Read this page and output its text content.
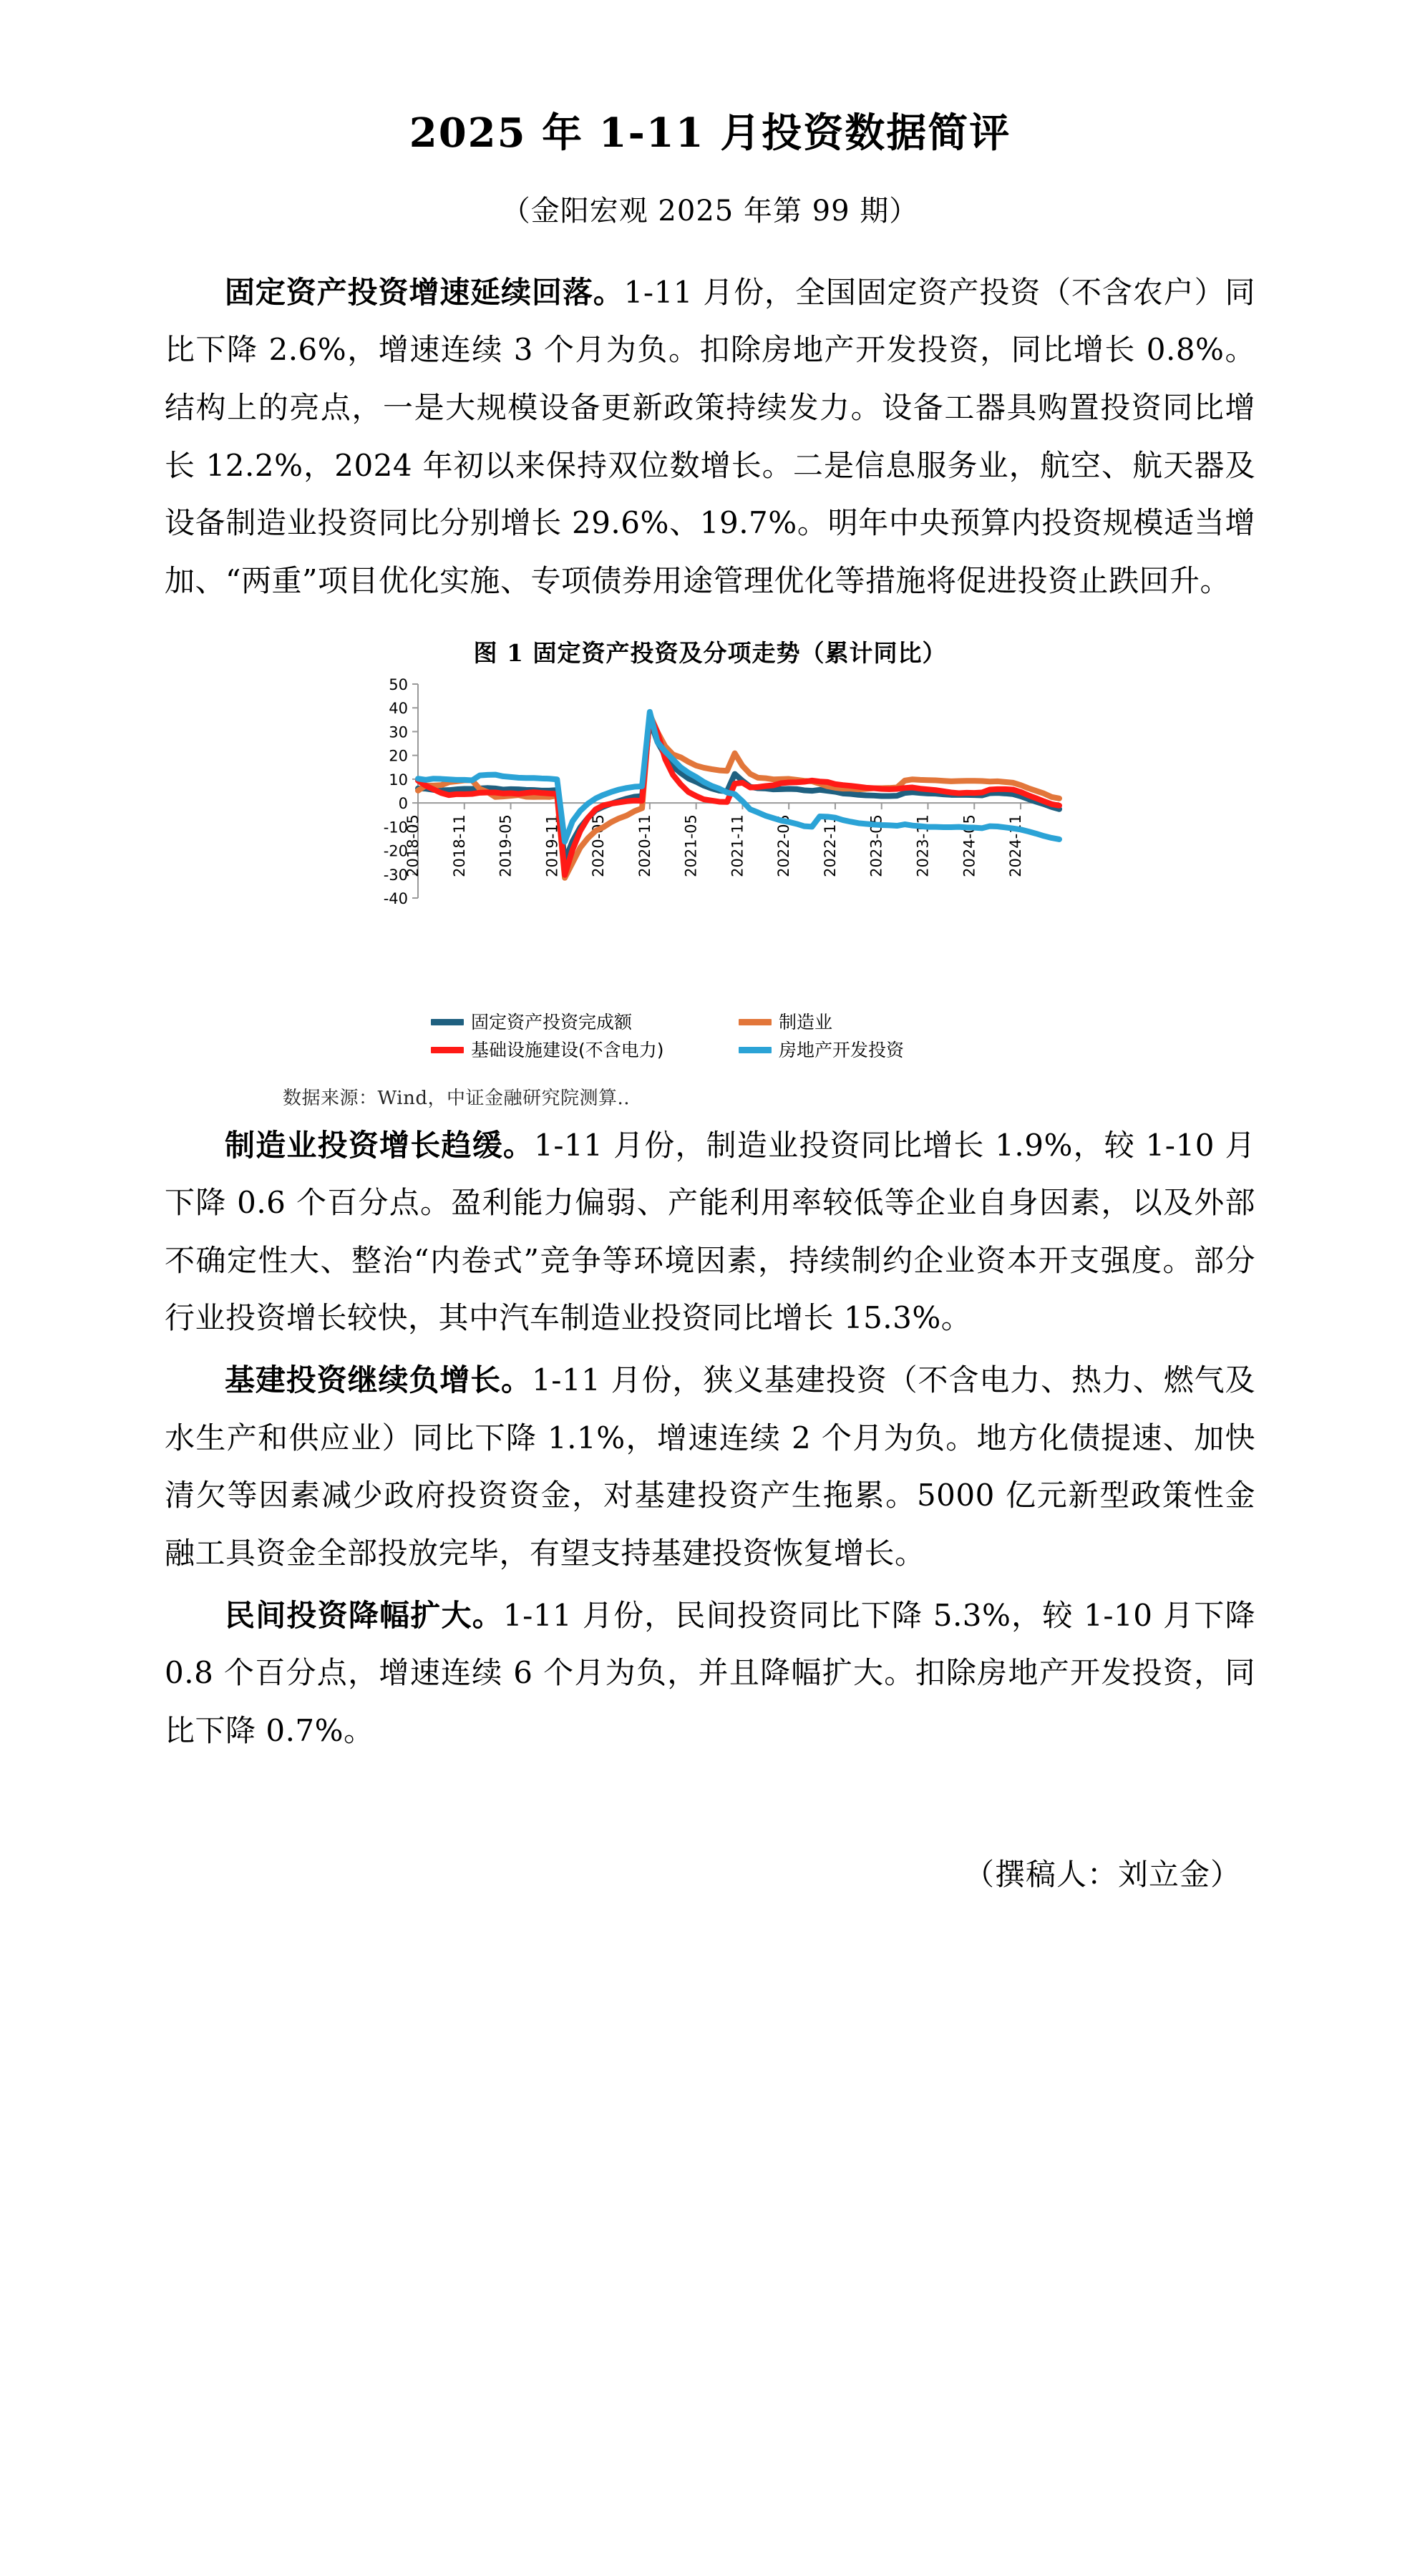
2025 年 1-11 月投资数据简评
（金阳宏观 2025 年第 99 期）

固定资产投资增速延续回落。1-11 月份，全国固定资产投资（不含农户）同比下降 2.6%，增速连续 3 个月为负。扣除房地产开发投资，同比增长 0.8%。结构上的亮点，一是大规模设备更新政策持续发力。设备工器具购置投资同比增长 12.2%，2024 年初以来保持双位数增长。二是信息服务业，航空、航天器及设备制造业投资同比分别增长 29.6%、19.7%。明年中央预算内投资规模适当增加、“两重”项目优化实施、专项债券用途管理优化等措施将促进投资止跌回升。

图 1 固定资产投资及分项走势（累计同比）
50
40
30
20
10
0
-10
-20
-30
-40
2018-05 2018-11 2019-05 2019-11 2020-05 2020-11 2021-05 2021-11 2022-05 2022-11 2023-05 2023-11 2024-05 2024-11
固定资产投资完成额	制造业
基础设施建设(不含电力)	房地产开发投资
数据来源：Wind，中证金融研究院测算..

制造业投资增长趋缓。1-11 月份，制造业投资同比增长 1.9%，较 1-10 月下降 0.6 个百分点。盈利能力偏弱、产能利用率较低等企业自身因素，以及外部不确定性大、整治“内卷式”竞争等环境因素，持续制约企业资本开支强度。部分行业投资增长较快，其中汽车制造业投资同比增长 15.3%。

基建投资继续负增长。1-11 月份，狭义基建投资（不含电力、热力、燃气及水生产和供应业）同比下降 1.1%，增速连续 2 个月为负。地方化债提速、加快清欠等因素减少政府投资资金，对基建投资产生拖累。5000 亿元新型政策性金融工具资金全部投放完毕，有望支持基建投资恢复增长。

民间投资降幅扩大。1-11 月份，民间投资同比下降 5.3%，较 1-10 月下降 0.8 个百分点，增速连续 6 个月为负，并且降幅扩大。扣除房地产开发投资，同比下降 0.7%。

（撰稿人：刘立金）
